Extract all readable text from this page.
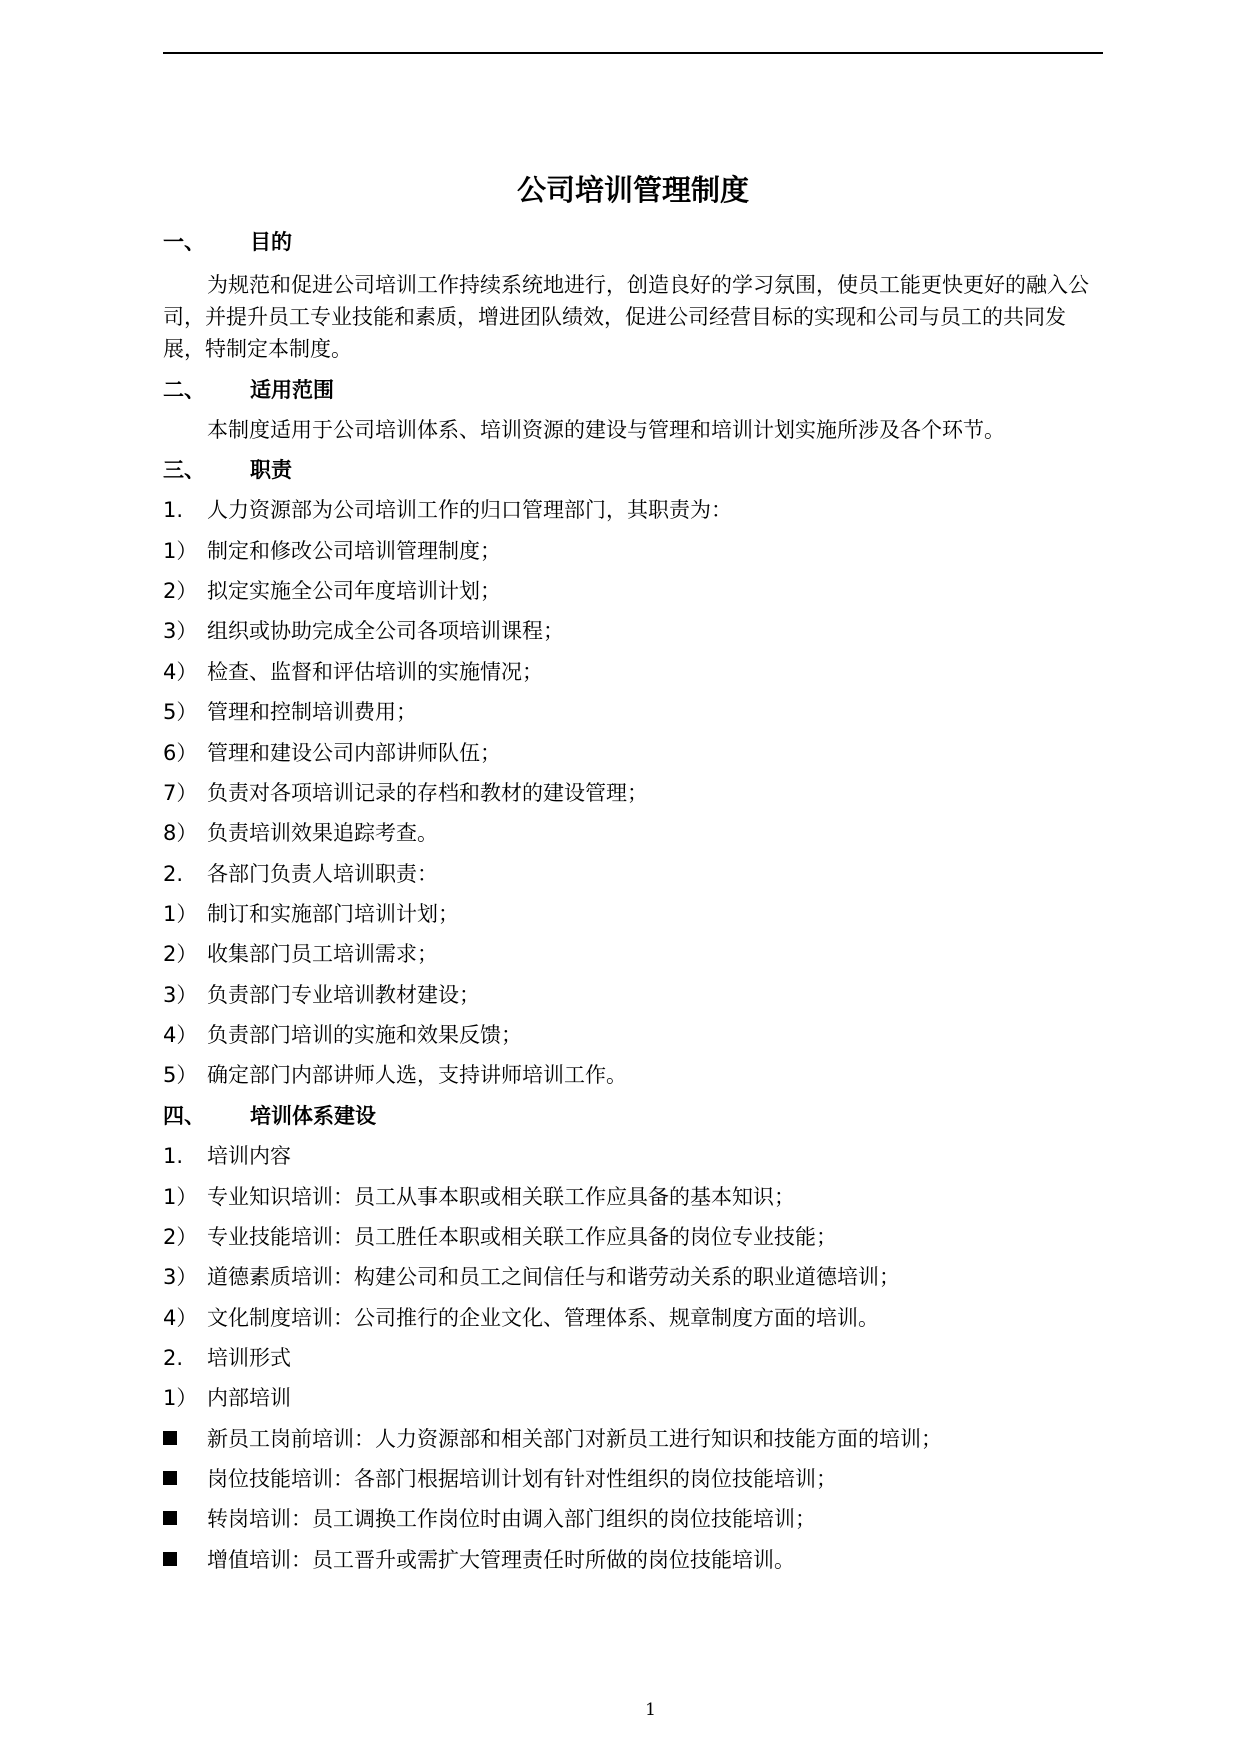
公司培训管理制度
一、 目的
为规范和促进公司培训工作持续系统地进行，创造良好的学习氛围，使员工能更快更好的融入公司，并提升员工专业技能和素质，增进团队绩效，促进公司经营目标的实现和公司与员工的共同发展，特制定本制度。
二、 适用范围
本制度适用于公司培训体系、培训资源的建设与管理和培训计划实施所涉及各个环节。
三、 职责
1. 人力资源部为公司培训工作的归口管理部门，其职责为：
1） 制定和修改公司培训管理制度；
2） 拟定实施全公司年度培训计划；
3） 组织或协助完成全公司各项培训课程；
4） 检查、监督和评估培训的实施情况；
5） 管理和控制培训费用；
6） 管理和建设公司内部讲师队伍；
7） 负责对各项培训记录的存档和教材的建设管理；
8） 负责培训效果追踪考查。
2. 各部门负责人培训职责：
1） 制订和实施部门培训计划；
2） 收集部门员工培训需求；
3） 负责部门专业培训教材建设；
4） 负责部门培训的实施和效果反馈；
5） 确定部门内部讲师人选，支持讲师培训工作。
四、 培训体系建设
1. 培训内容
1） 专业知识培训：员工从事本职或相关联工作应具备的基本知识；
2） 专业技能培训：员工胜任本职或相关联工作应具备的岗位专业技能；
3） 道德素质培训：构建公司和员工之间信任与和谐劳动关系的职业道德培训；
4） 文化制度培训：公司推行的企业文化、管理体系、规章制度方面的培训。
2. 培训形式
1） 内部培训
新员工岗前培训：人力资源部和相关部门对新员工进行知识和技能方面的培训；
岗位技能培训：各部门根据培训计划有针对性组织的岗位技能培训；
转岗培训：员工调换工作岗位时由调入部门组织的岗位技能培训；
增值培训：员工晋升或需扩大管理责任时所做的岗位技能培训。
1
